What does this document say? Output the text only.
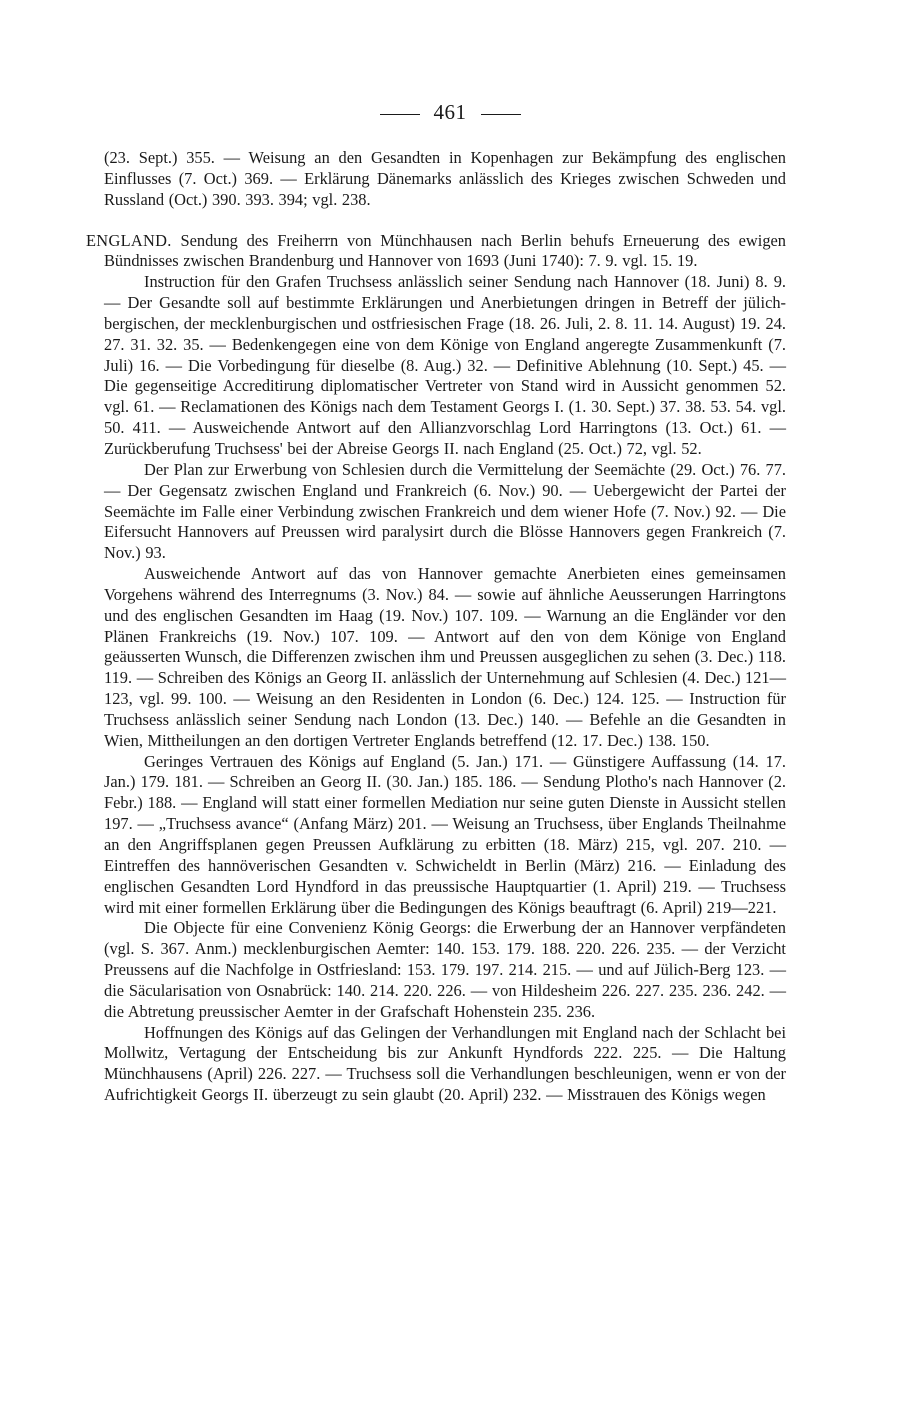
461

(23. Sept.) 355. — Weisung an den Gesandten in Kopenhagen zur Bekämpfung des englischen Einflusses (7. Oct.) 369. — Erklärung Dänemarks anlässlich des Krieges zwischen Schweden und Russland (Oct.) 390. 393. 394; vgl. 238.

ENGLAND. Sendung des Freiherrn von Münchhausen nach Berlin behufs Erneuerung des ewigen Bündnisses zwischen Brandenburg und Hannover von 1693 (Juni 1740): 7. 9. vgl. 15. 19.

Instruction für den Grafen Truchsess anlässlich seiner Sendung nach Hannover (18. Juni) 8. 9. — Der Gesandte soll auf bestimmte Erklärungen und Anerbietungen dringen in Betreff der jülich-bergischen, der mecklenburgischen und ostfriesischen Frage (18. 26. Juli, 2. 8. 11. 14. August) 19. 24. 27. 31. 32. 35. — Bedenkengegen eine von dem Könige von England angeregte Zusammenkunft (7. Juli) 16. — Die Vorbedingung für dieselbe (8. Aug.) 32. — Definitive Ablehnung (10. Sept.) 45. — Die gegenseitige Accreditirung diplomatischer Vertreter von Stand wird in Aussicht genommen 52. vgl. 61. — Reclamationen des Königs nach dem Testament Georgs I. (1. 30. Sept.) 37. 38. 53. 54. vgl. 50. 411. — Ausweichende Antwort auf den Allianzvorschlag Lord Harringtons (13. Oct.) 61. — Zurückberufung Truchsess' bei der Abreise Georgs II. nach England (25. Oct.) 72, vgl. 52.

Der Plan zur Erwerbung von Schlesien durch die Vermittelung der Seemächte (29. Oct.) 76. 77. — Der Gegensatz zwischen England und Frankreich (6. Nov.) 90. — Uebergewicht der Partei der Seemächte im Falle einer Verbindung zwischen Frankreich und dem wiener Hofe (7. Nov.) 92. — Die Eifersucht Hannovers auf Preussen wird paralysirt durch die Blösse Hannovers gegen Frankreich (7. Nov.) 93.

Ausweichende Antwort auf das von Hannover gemachte Anerbieten eines gemeinsamen Vorgehens während des Interregnums (3. Nov.) 84. — sowie auf ähnliche Aeusserungen Harringtons und des englischen Gesandten im Haag (19. Nov.) 107. 109. — Warnung an die Engländer vor den Plänen Frankreichs (19. Nov.) 107. 109. — Antwort auf den von dem Könige von England geäusserten Wunsch, die Differenzen zwischen ihm und Preussen ausgeglichen zu sehen (3. Dec.) 118. 119. — Schreiben des Königs an Georg II. anlässlich der Unternehmung auf Schlesien (4. Dec.) 121—123, vgl. 99. 100. — Weisung an den Residenten in London (6. Dec.) 124. 125. — Instruction für Truchsess anlässlich seiner Sendung nach London (13. Dec.) 140. — Befehle an die Gesandten in Wien, Mittheilungen an den dortigen Vertreter Englands betreffend (12. 17. Dec.) 138. 150.

Geringes Vertrauen des Königs auf England (5. Jan.) 171. — Günstigere Auffassung (14. 17. Jan.) 179. 181. — Schreiben an Georg II. (30. Jan.) 185. 186. — Sendung Plotho's nach Hannover (2. Febr.) 188. — England will statt einer formellen Mediation nur seine guten Dienste in Aussicht stellen 197. — „Truchsess avance“ (Anfang März) 201. — Weisung an Truchsess, über Englands Theilnahme an den Angriffsplanen gegen Preussen Aufklärung zu erbitten (18. März) 215, vgl. 207. 210. — Eintreffen des hannöverischen Gesandten v. Schwicheldt in Berlin (März) 216. — Einladung des englischen Gesandten Lord Hyndford in das preussische Hauptquartier (1. April) 219. — Truchsess wird mit einer formellen Erklärung über die Bedingungen des Königs beauftragt (6. April) 219—221.

Die Objecte für eine Convenienz König Georgs: die Erwerbung der an Hannover verpfändeten (vgl. S. 367. Anm.) mecklenburgischen Aemter: 140. 153. 179. 188. 220. 226. 235. — der Verzicht Preussens auf die Nachfolge in Ostfriesland: 153. 179. 197. 214. 215. — und auf Jülich-Berg 123. — die Säcularisation von Osnabrück: 140. 214. 220. 226. — von Hildesheim 226. 227. 235. 236. 242. — die Abtretung preussischer Aemter in der Grafschaft Hohenstein 235. 236.

Hoffnungen des Königs auf das Gelingen der Verhandlungen mit England nach der Schlacht bei Mollwitz, Vertagung der Entscheidung bis zur Ankunft Hyndfords 222. 225. — Die Haltung Münchhausens (April) 226. 227. — Truchsess soll die Verhandlungen beschleunigen, wenn er von der Aufrichtigkeit Georgs II. überzeugt zu sein glaubt (20. April) 232. — Misstrauen des Königs wegen
